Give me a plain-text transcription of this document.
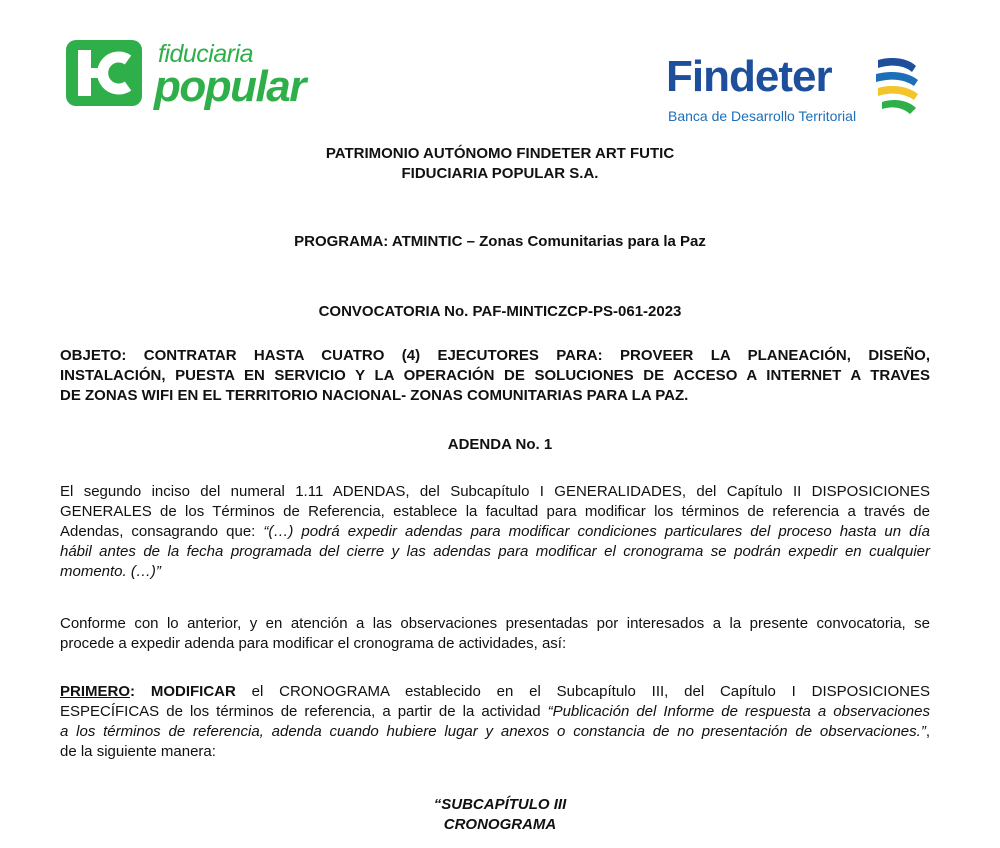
fiduciaria
popular	Findeter
Banca de Desarrollo Territorial
PATRIMONIO AUTÓNOMO FINDETER ART FUTIC
FIDUCIARIA POPULAR S.A.
PROGRAMA: ATMINTIC – Zonas Comunitarias para la Paz
CONVOCATORIA No. PAF-MINTICZCP-PS-061-2023
OBJETO: CONTRATAR HASTA CUATRO (4) EJECUTORES PARA: PROVEER LA PLANEACIÓN, DISEÑO,
INSTALACIÓN, PUESTA EN SERVICIO Y LA OPERACIÓN DE SOLUCIONES DE ACCESO A INTERNET A TRAVES
DE ZONAS WIFI EN EL TERRITORIO NACIONAL- ZONAS COMUNITARIAS PARA LA PAZ.
ADENDA No. 1
El segundo inciso del numeral 1.11 ADENDAS, del Subcapítulo I GENERALIDADES, del Capítulo II DISPOSICIONES
GENERALES de los Términos de Referencia, establece la facultad para modificar los términos de referencia a través de
Adendas, consagrando que: “(…) podrá expedir adendas para modificar condiciones particulares del proceso hasta un día
hábil antes de la fecha programada del cierre y las adendas para modificar el cronograma se podrán expedir en cualquier
momento. (…)”
Conforme con lo anterior, y en atención a las observaciones presentadas por interesados a la presente convocatoria, se
procede a expedir adenda para modificar el cronograma de actividades, así:
PRIMERO: MODIFICAR el CRONOGRAMA establecido en el Subcapítulo III, del Capítulo I DISPOSICIONES
ESPECÍFICAS de los términos de referencia, a partir de la actividad “Publicación del Informe de respuesta a observaciones
a los términos de referencia, adenda cuando hubiere lugar y anexos o constancia de no presentación de observaciones.”,
de la siguiente manera:
“SUBCAPÍTULO III
CRONOGRAMA
